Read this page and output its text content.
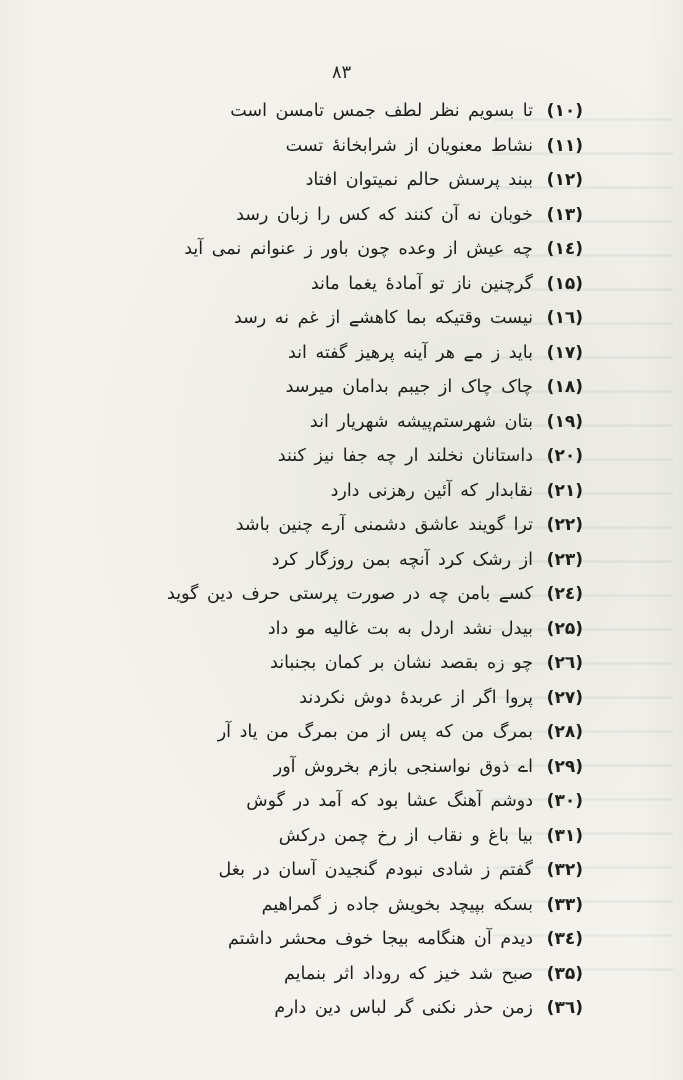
۸۳
(۱۰)
تا بسویم نظر لطف جمس تامسن است
(۱۱)
نشاط معنویان از شرابخانهٔ تست
(۱۲)
ببند پرسش حالم نمیتوان افتاد
(۱۳)
خوبان نه آن کنند که کس را زبان رسد
(۱٤)
چه عیش از وعده چون باور ز عنوانم نمی آید
(۱۵)
گرچنین ناز تو آمادهٔ یغما ماند
(۱٦)
نیست وقتیکه بما کاهشے از غم نه رسد
(۱۷)
باید ز مے هر آینه پرهیز گفته اند
(۱۸)
چاک چاک از جیبم بدامان میرسد
(۱۹)
بتان شهرستم‌پیشه شهریار اند
(۲۰)
داستانان نخلند ار چه جفا نیز کنند
(۲۱)
نقابدار که آئین رهزنی دارد
(۲۲)
ترا گویند عاشق دشمنی آرے چنین باشد
(۲۳)
از رشک کرد آنچه بمن روزگار کرد
(۲٤)
کسے بامن چه در صورت پرستی حرف دین گوید
(۲۵)
بیدل نشد اردل به بت غالیه مو داد
(۲٦)
چو زه بقصد نشان بر کمان بجنباند
(۲۷)
پروا اگر از عربدهٔ دوش نکردند
(۲۸)
بمرگ من که پس از من بمرگ من یاد آر
(۲۹)
اے ذوق نواسنجی بازم بخروش آور
(۳۰)
دوشم آهنگ عشا بود که آمد در گوش
(۳۱)
بیا باغ و نقاب از رخ چمن درکش
(۳۲)
گفتم ز شادی نبودم گنجیدن آسان در بغل
(۳۳)
بسکه بپیچد بخویش جاده ز گمراهیم
(۳٤)
دیدم آن هنگامه بیجا خوف محشر داشتم
(۳۵)
صبح شد خیز که روداد اثر بنمایم
(۳٦)
زمن حذر نکنی گر لباس دین دارم
